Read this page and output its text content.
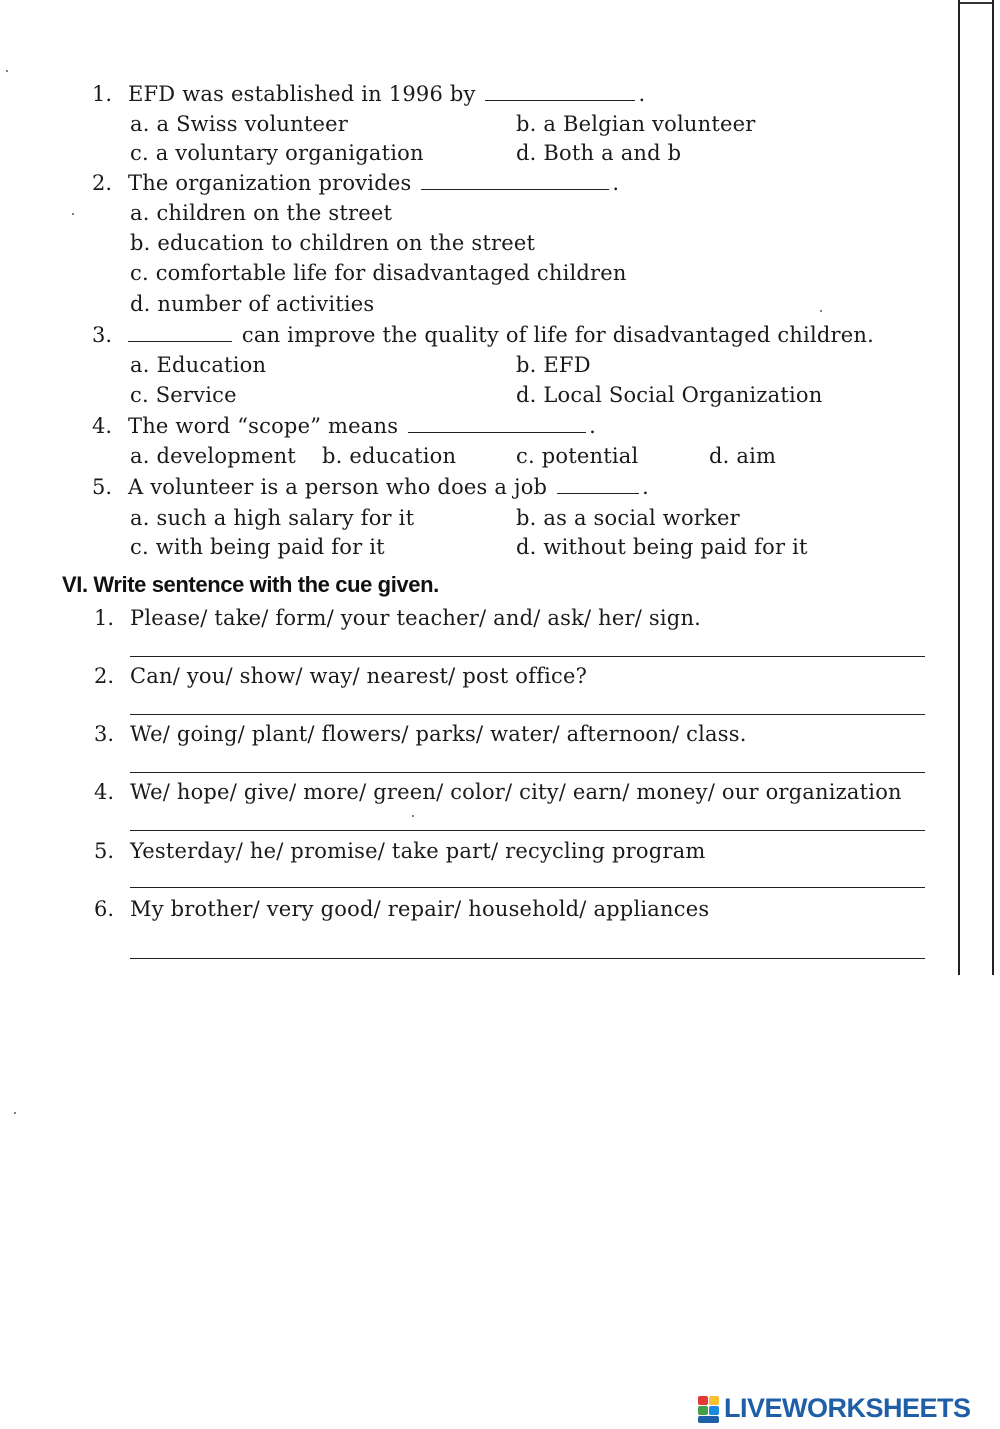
1. EFD was established in 1996 by	.
a. a Swiss volunteer	b. a Belgian volunteer
c. a voluntary organigation	d. Both a and b
2. The organization provides	.
a. children on the street
b. education to children on the street
c. comfortable life for disadvantaged children
d. number of activities
3.	can improve the quality of life for disadvantaged children.
a. Education	b. EFD
c. Service	d. Local Social Organization
4. The word “scope” means	.
a. development b. education	c. potential	d. aim
5. A volunteer is a person who does a job	.
a. such a high salary for it	b. as a social worker
c. with being paid for it	d. without being paid for it
VI. Write sentence with the cue given.
1. Please/ take/ form/ your teacher/ and/ ask/ her/ sign.
2. Can/ you/ show/ way/ nearest/ post office?
3. We/ going/ plant/ flowers/ parks/ water/ afternoon/ class.
4. We/ hope/ give/ more/ green/ color/ city/ earn/ money/ our organization
5. Yesterday/ he/ promise/ take part/ recycling program
6. My brother/ very good/ repair/ household/ appliances
LIVEWORKSHEETS
